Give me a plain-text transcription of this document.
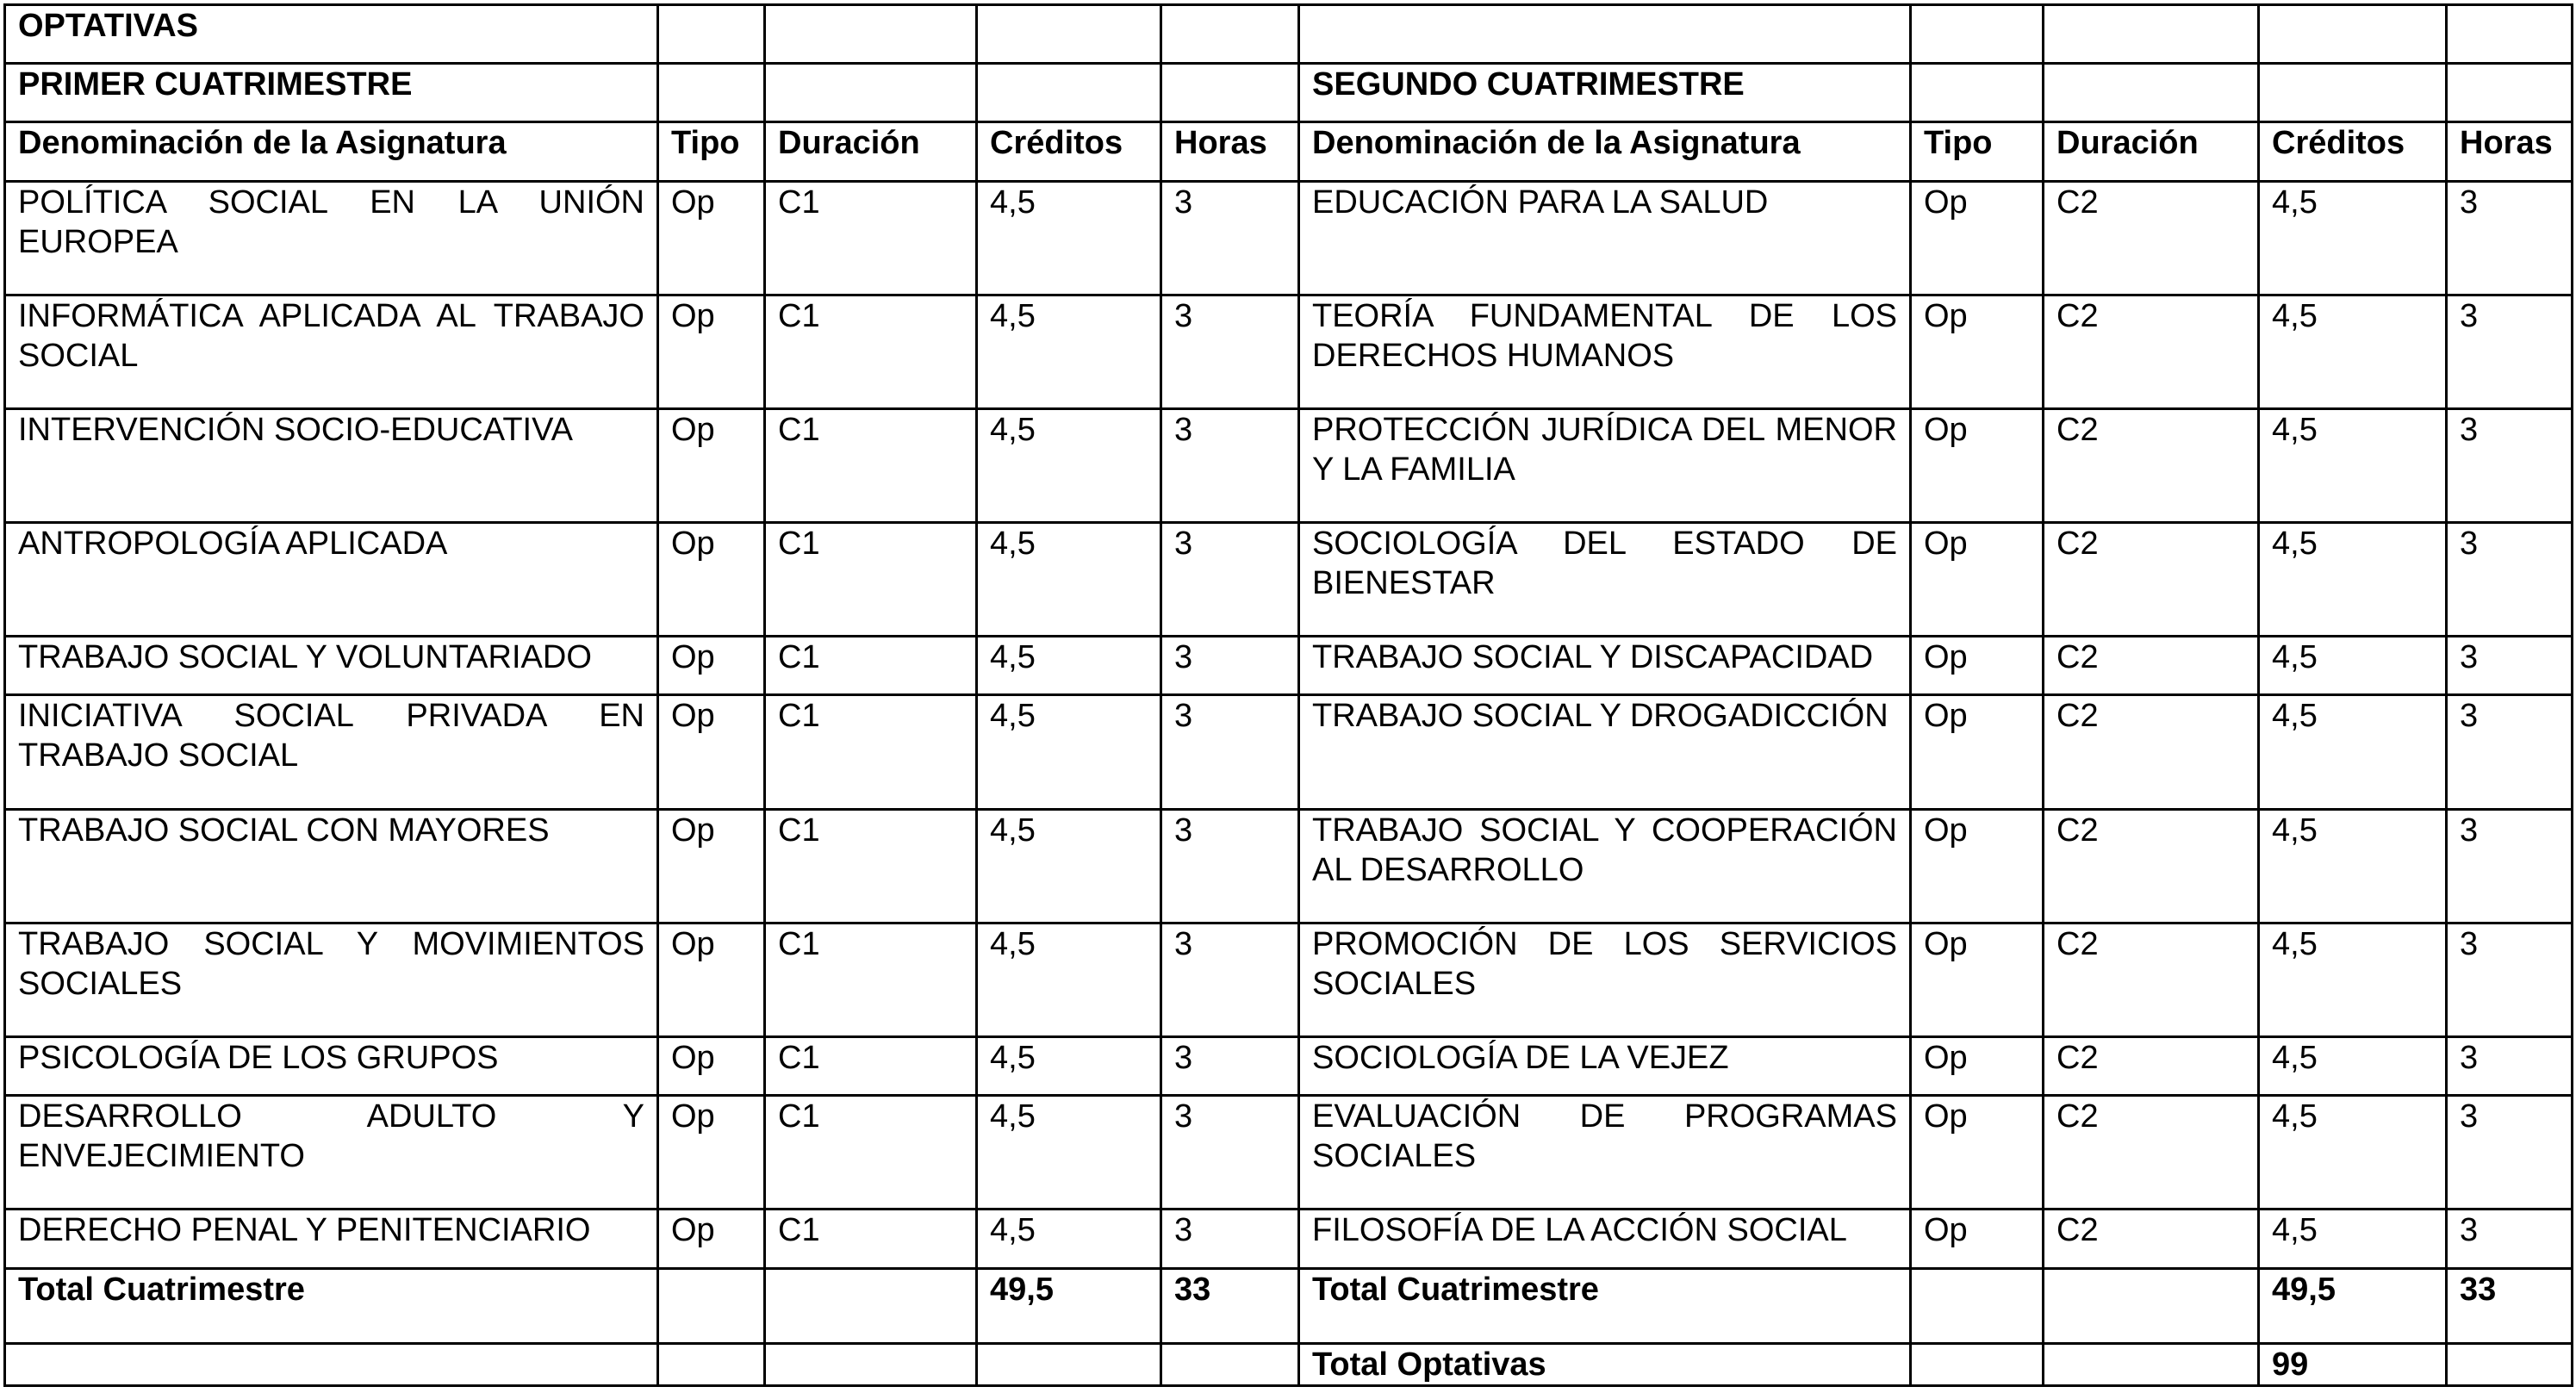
OPTATIVAS									
PRIMER CUATRIMESTRE					SEGUNDO CUATRIMESTRE				
Denominación de la Asignatura	Tipo	Duración	Créditos	Horas	Denominación de la Asignatura	Tipo	Duración	Créditos	Horas
POLÍTICA SOCIAL EN LA UNIÓN EUROPEA	Op	C1	4,5	3	EDUCACIÓN PARA LA SALUD	Op	C2	4,5	3
INFORMÁTICA APLICADA AL TRABAJO SOCIAL	Op	C1	4,5	3	TEORÍA FUNDAMENTAL DE LOS DERECHOS HUMANOS	Op	C2	4,5	3
INTERVENCIÓN SOCIO-EDUCATIVA	Op	C1	4,5	3	PROTECCIÓN JURÍDICA DEL MENOR Y LA FAMILIA	Op	C2	4,5	3
ANTROPOLOGÍA APLICADA	Op	C1	4,5	3	SOCIOLOGÍA DEL ESTADO DE BIENESTAR	Op	C2	4,5	3
TRABAJO SOCIAL Y VOLUNTARIADO	Op	C1	4,5	3	TRABAJO SOCIAL Y DISCAPACIDAD	Op	C2	4,5	3
INICIATIVA SOCIAL PRIVADA EN TRABAJO SOCIAL	Op	C1	4,5	3	TRABAJO SOCIAL Y DROGADICCIÓN	Op	C2	4,5	3
TRABAJO SOCIAL CON MAYORES	Op	C1	4,5	3	TRABAJO SOCIAL Y COOPERACIÓN AL DESARROLLO	Op	C2	4,5	3
TRABAJO SOCIAL Y MOVIMIENTOS SOCIALES	Op	C1	4,5	3	PROMOCIÓN DE LOS SERVICIOS SOCIALES	Op	C2	4,5	3
PSICOLOGÍA DE LOS GRUPOS	Op	C1	4,5	3	SOCIOLOGÍA DE LA VEJEZ	Op	C2	4,5	3
DESARROLLO ADULTO Y ENVEJECIMIENTO	Op	C1	4,5	3	EVALUACIÓN DE PROGRAMAS SOCIALES	Op	C2	4,5	3
DERECHO PENAL Y PENITENCIARIO	Op	C1	4,5	3	FILOSOFÍA DE LA ACCIÓN SOCIAL	Op	C2	4,5	3
Total Cuatrimestre			49,5	33	Total Cuatrimestre			49,5	33
					Total Optativas			99	
